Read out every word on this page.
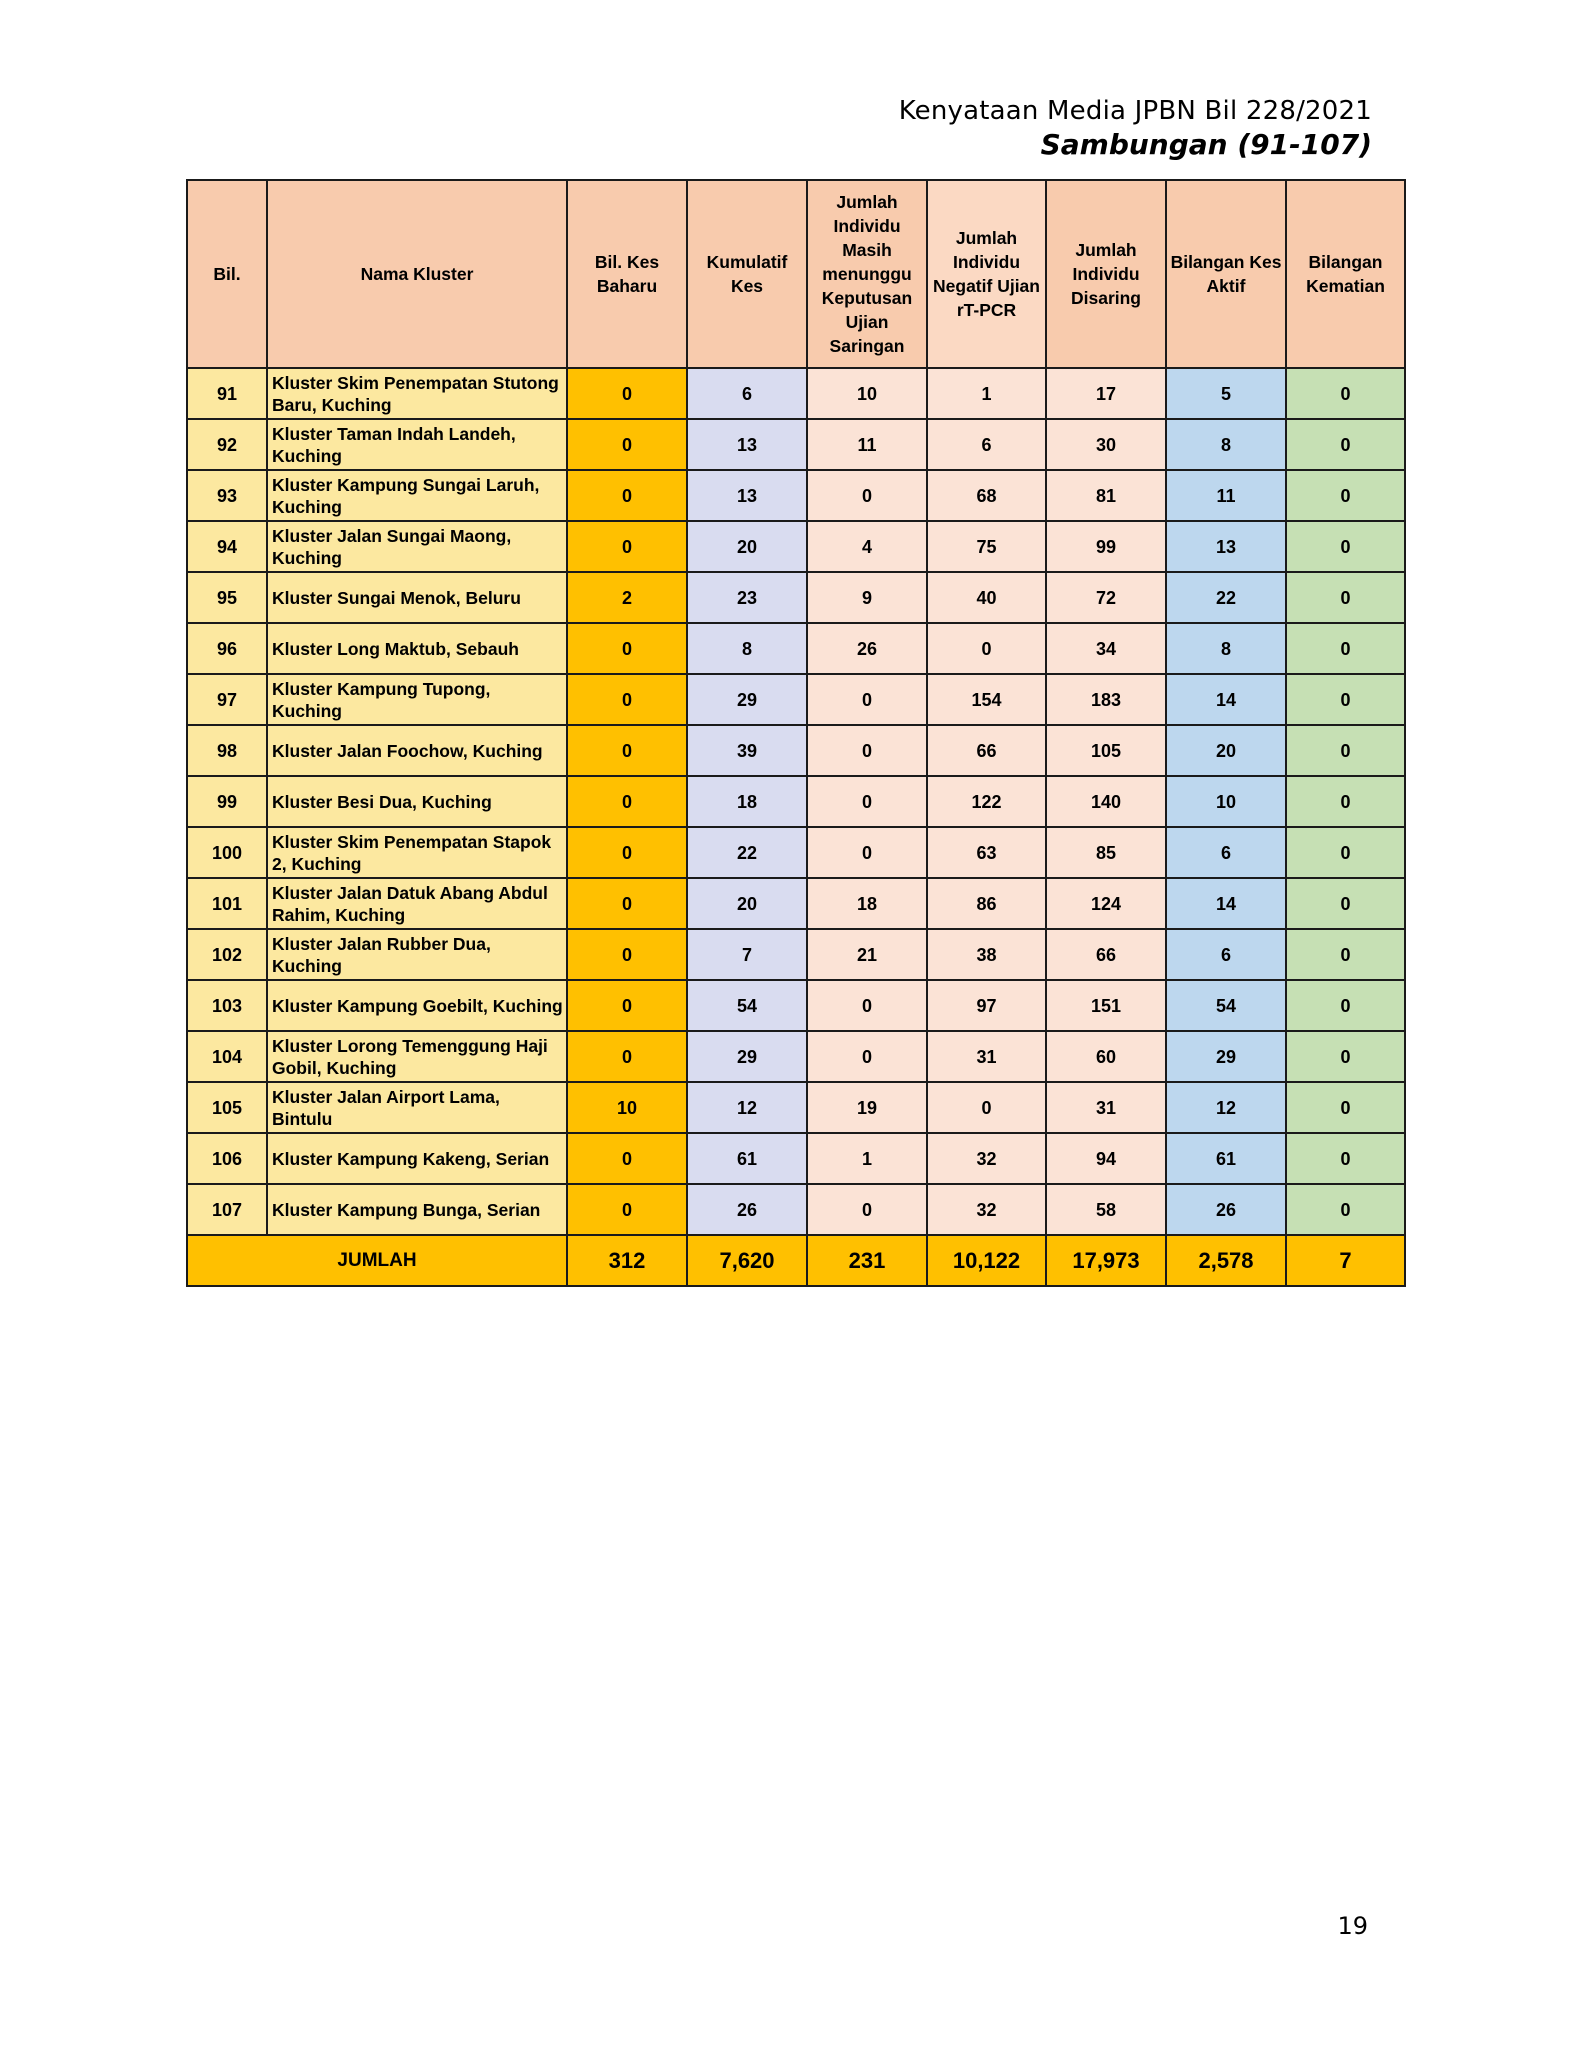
Kenyataan Media JPBN Bil 228/2021
Sambungan (91-107)
Bil.	Nama Kluster	Bil. Kes Baharu	Kumulatif Kes	Jumlah Individu Masih menunggu Keputusan Ujian Saringan	Jumlah Individu Negatif Ujian rT-PCR	Jumlah Individu Disaring	Bilangan Kes Aktif	Bilangan Kematian
91	Kluster Skim Penempatan Stutong Baru, Kuching	0	6	10	1	17	5	0
92	Kluster Taman Indah Landeh, Kuching	0	13	11	6	30	8	0
93	Kluster Kampung Sungai Laruh, Kuching	0	13	0	68	81	11	0
94	Kluster Jalan Sungai Maong, Kuching	0	20	4	75	99	13	0
95	Kluster Sungai Menok, Beluru	2	23	9	40	72	22	0
96	Kluster Long Maktub, Sebauh	0	8	26	0	34	8	0
97	Kluster Kampung Tupong, Kuching	0	29	0	154	183	14	0
98	Kluster Jalan Foochow, Kuching	0	39	0	66	105	20	0
99	Kluster Besi Dua, Kuching	0	18	0	122	140	10	0
100	Kluster Skim Penempatan Stapok 2, Kuching	0	22	0	63	85	6	0
101	Kluster Jalan Datuk Abang Abdul Rahim, Kuching	0	20	18	86	124	14	0
102	Kluster Jalan Rubber Dua, Kuching	0	7	21	38	66	6	0
103	Kluster Kampung Goebilt, Kuching	0	54	0	97	151	54	0
104	Kluster Lorong Temenggung Haji Gobil, Kuching	0	29	0	31	60	29	0
105	Kluster Jalan Airport Lama, Bintulu	10	12	19	0	31	12	0
106	Kluster Kampung Kakeng, Serian	0	61	1	32	94	61	0
107	Kluster Kampung Bunga, Serian	0	26	0	32	58	26	0
JUMLAH		312	7,620	231	10,122	17,973	2,578	7
19
